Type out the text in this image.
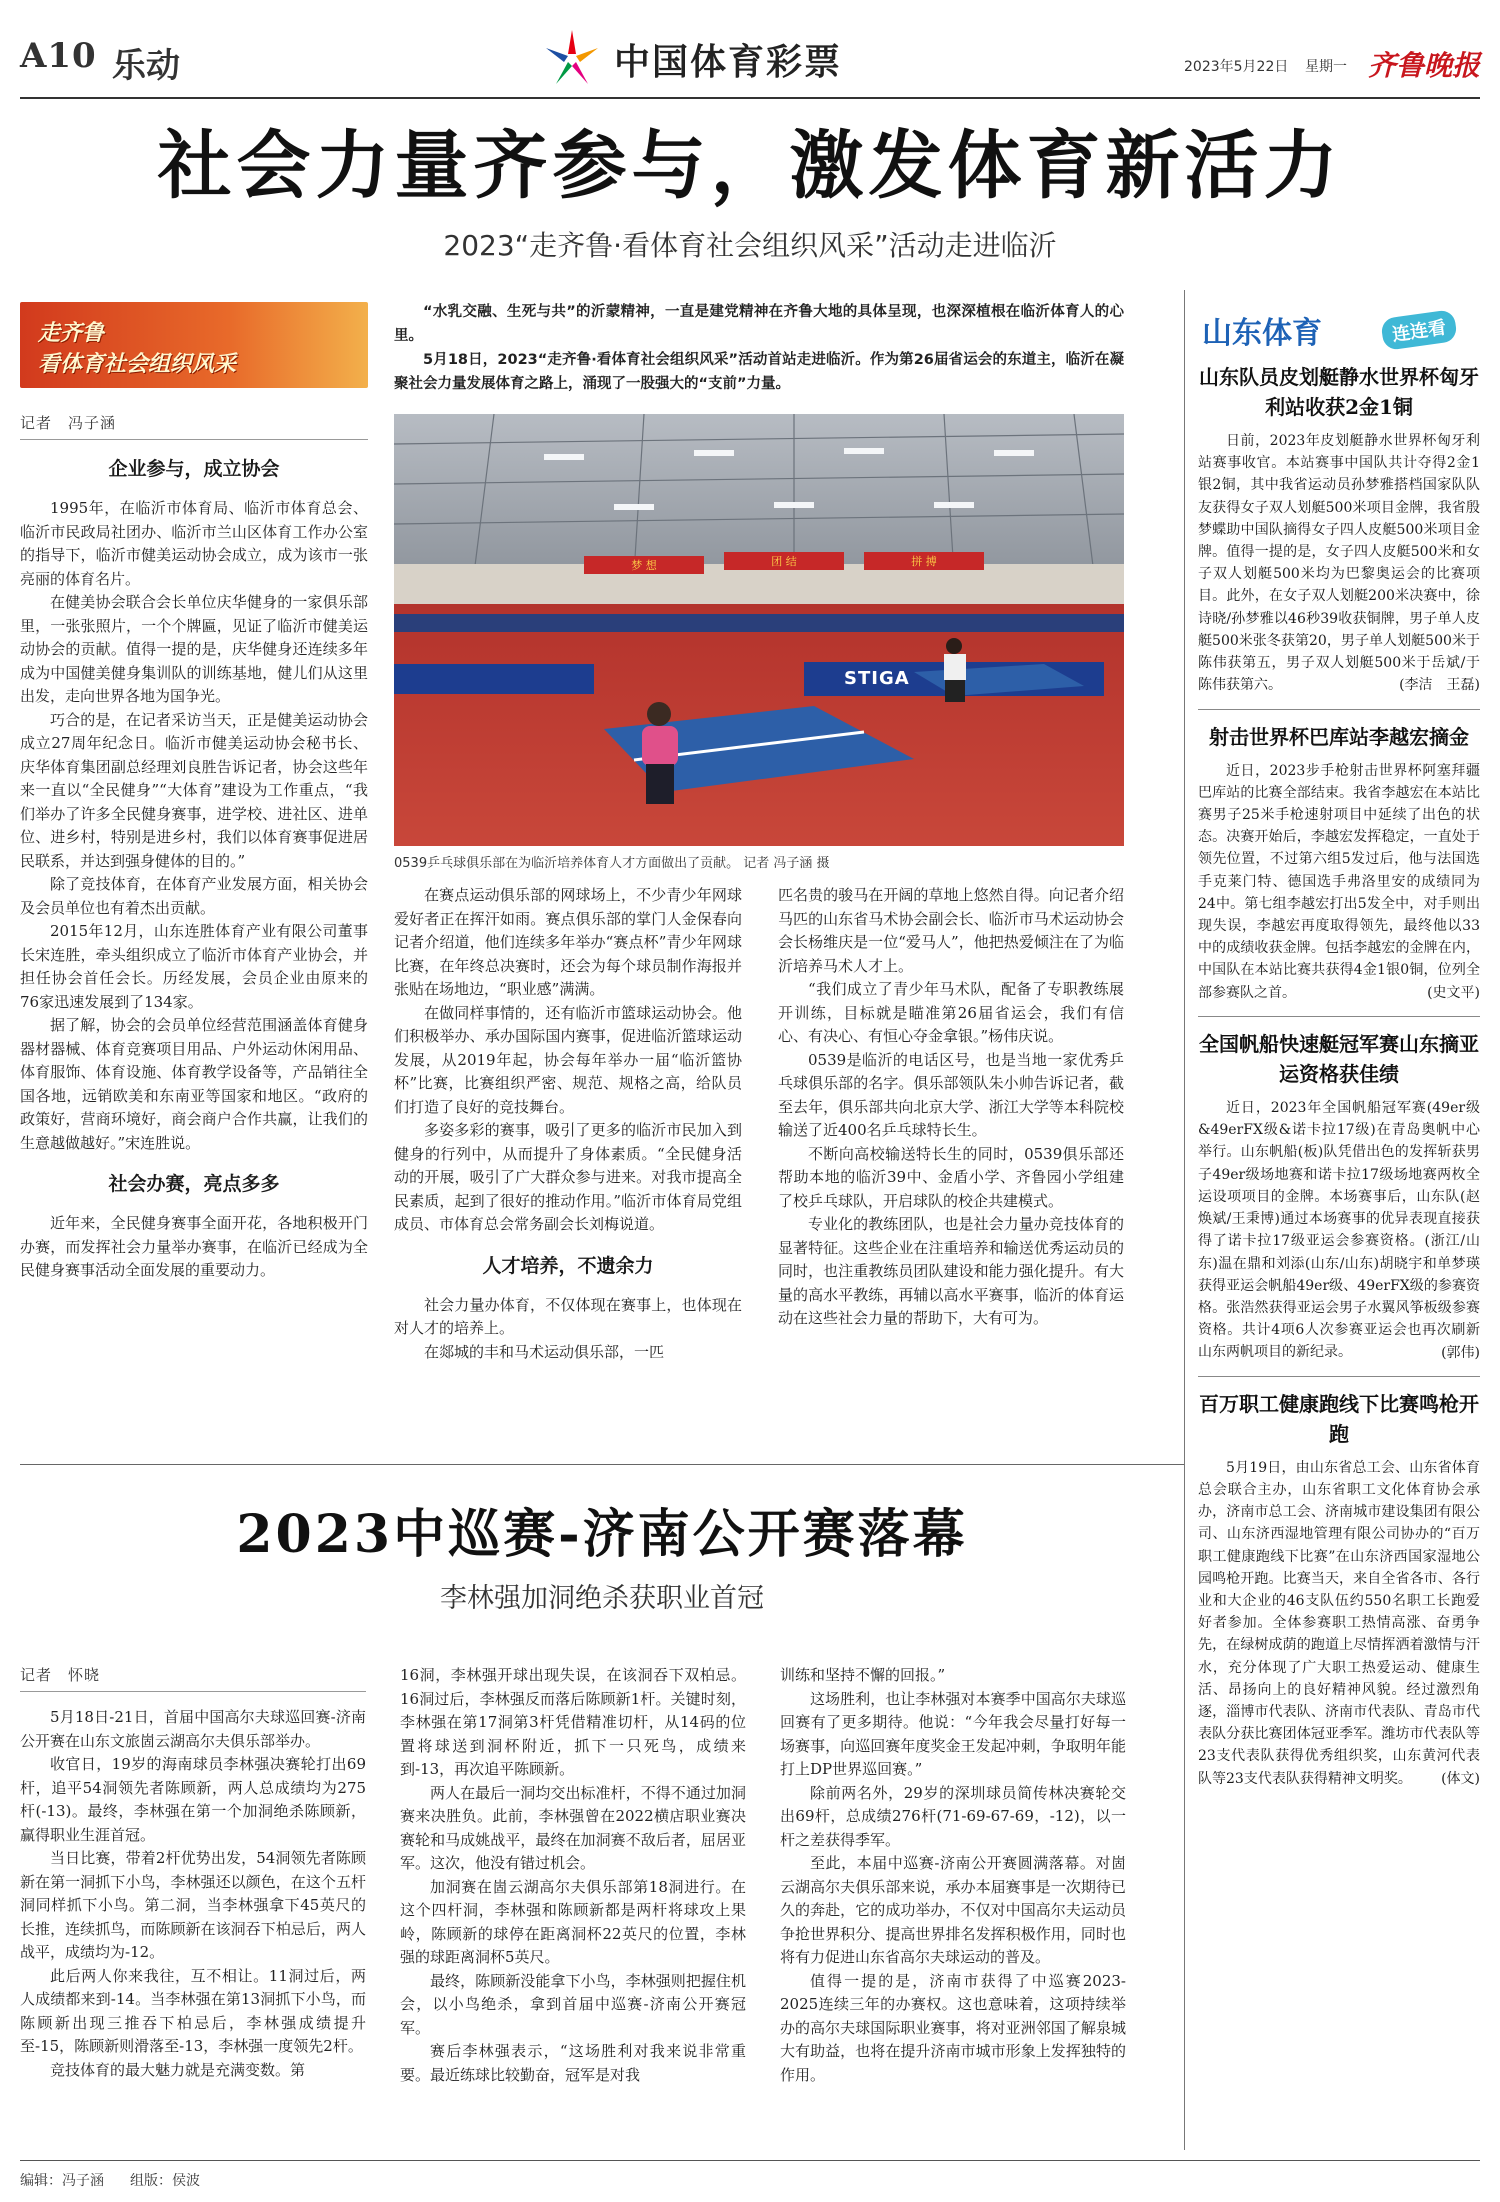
A10 乐动	中国体育彩票	2023年5月22日 星期一 齐鲁晚报
社会力量齐参与，激发体育新活力
2023“走齐鲁·看体育社会组织风采”活动走进临沂
走齐鲁
看体育社会组织风采
记者　冯子涵
企业参与，成立协会

1995年，在临沂市体育局、临沂市体育总会、临沂市民政局社团办、临沂市兰山区体育工作办公室的指导下，临沂市健美运动协会成立，成为该市一张亮丽的体育名片。

在健美协会联合会长单位庆华健身的一家俱乐部里，一张张照片，一个个牌匾，见证了临沂市健美运动协会的贡献。值得一提的是，庆华健身还连续多年成为中国健美健身集训队的训练基地，健儿们从这里出发，走向世界各地为国争光。

巧合的是，在记者采访当天，正是健美运动协会成立27周年纪念日。临沂市健美运动协会秘书长、庆华体育集团副总经理刘良胜告诉记者，协会这些年来一直以“全民健身”“大体育”建设为工作重点，“我们举办了许多全民健身赛事，进学校、进社区、进单位、进乡村，特别是进乡村，我们以体育赛事促进居民联系，并达到强身健体的目的。”

除了竞技体育，在体育产业发展方面，相关协会及会员单位也有着杰出贡献。

2015年12月，山东连胜体育产业有限公司董事长宋连胜，牵头组织成立了临沂市体育产业协会，并担任协会首任会长。历经发展，会员企业由原来的76家迅速发展到了134家。

据了解，协会的会员单位经营范围涵盖体育健身器材器械、体育竞赛项目用品、户外运动休闲用品、体育服饰、体育设施、体育教学设备等，产品销往全国各地，远销欧美和东南亚等国家和地区。“政府的政策好，营商环境好，商会商户合作共赢，让我们的生意越做越好。”宋连胜说。

社会办赛，亮点多多

近年来，全民健身赛事全面开花，各地积极开门办赛，而发挥社会力量举办赛事，在临沂已经成为全民健身赛事活动全面发展的重要动力。

“水乳交融、生死与共”的沂蒙精神，一直是建党精神在齐鲁大地的具体呈现，也深深植根在临沂体育人的心里。

5月18日，2023“走齐鲁·看体育社会组织风采”活动首站走进临沂。作为第26届省运会的东道主，临沂在凝聚社会力量发展体育之路上，涌现了一股强大的“支前”力量。

梦 想	团 结	拼 搏
STIGA
0539乒乓球俱乐部在为临沂培养体育人才方面做出了贡献。 记者 冯子涵 摄

在赛点运动俱乐部的网球场上，不少青少年网球爱好者正在挥汗如雨。赛点俱乐部的掌门人金保春向记者介绍道，他们连续多年举办“赛点杯”青少年网球比赛，在年终总决赛时，还会为每个球员制作海报并张贴在场地边，“职业感”满满。

在做同样事情的，还有临沂市篮球运动协会。他们积极举办、承办国际国内赛事，促进临沂篮球运动发展，从2019年起，协会每年举办一届“临沂篮协杯”比赛，比赛组织严密、规范、规格之高，给队员们打造了良好的竞技舞台。

多姿多彩的赛事，吸引了更多的临沂市民加入到健身的行列中，从而提升了身体素质。“全民健身活动的开展，吸引了广大群众参与进来。对我市提高全民素质，起到了很好的推动作用。”临沂市体育局党组成员、市体育总会常务副会长刘梅说道。

人才培养，不遗余力

社会力量办体育，不仅体现在赛事上，也体现在对人才的培养上。

在郯城的丰和马术运动俱乐部，一匹

匹名贵的骏马在开阔的草地上悠然自得。向记者介绍马匹的山东省马术协会副会长、临沂市马术运动协会会长杨维庆是一位“爱马人”，他把热爱倾注在了为临沂培养马术人才上。

“我们成立了青少年马术队，配备了专职教练展开训练，目标就是瞄准第26届省运会，我们有信心、有决心、有恒心夺金拿银。”杨伟庆说。

0539是临沂的电话区号，也是当地一家优秀乒乓球俱乐部的名字。俱乐部领队朱小帅告诉记者，截至去年，俱乐部共向北京大学、浙江大学等本科院校输送了近400名乒乓球特长生。

不断向高校输送特长生的同时，0539俱乐部还帮助本地的临沂39中、金盾小学、齐鲁园小学组建了校乒乓球队，开启球队的校企共建模式。

专业化的教练团队，也是社会力量办竞技体育的显著特征。这些企业在注重培养和输送优秀运动员的同时，也注重教练员团队建设和能力强化提升。有大量的高水平教练，再辅以高水平赛事，临沂的体育运动在这些社会力量的帮助下，大有可为。

山东体育	连连看
山东队员皮划艇静水世界杯匈牙利站收获2金1铜

日前，2023年皮划艇静水世界杯匈牙利站赛事收官。本站赛事中国队共计夺得2金1银2铜，其中我省运动员孙梦雅搭档国家队队友获得女子双人划艇500米项目金牌，我省殷梦蝶助中国队摘得女子四人皮艇500米项目金牌。值得一提的是，女子四人皮艇500米和女子双人划艇500米均为巴黎奥运会的比赛项目。此外，在女子双人划艇200米决赛中，徐诗晓/孙梦雅以46秒39收获铜牌，男子单人皮艇500米张冬获第20，男子单人划艇500米于陈伟获第五，男子双人划艇500米于岳斌/于陈伟获第六。	(李洁　王磊)

射击世界杯巴库站李越宏摘金

近日，2023步手枪射击世界杯阿塞拜疆巴库站的比赛全部结束。我省李越宏在本站比赛男子25米手枪速射项目中延续了出色的状态。决赛开始后，李越宏发挥稳定，一直处于领先位置，不过第六组5发过后，他与法国选手克莱门特、德国选手弗洛里安的成绩同为24中。第七组李越宏打出5发全中，对手则出现失误，李越宏再度取得领先，最终他以33中的成绩收获金牌。包括李越宏的金牌在内，中国队在本站比赛共获得4金1银0铜，位列全部参赛队之首。	(史文平)

全国帆船快速艇冠军赛山东摘亚运资格获佳绩

近日，2023年全国帆船冠军赛(49er级&49erFX级&诺卡拉17级)在青岛奥帆中心举行。山东帆船(板)队凭借出色的发挥斩获男子49er级场地赛和诺卡拉17级场地赛两枚全运设项项目的金牌。本场赛事后，山东队(赵焕斌/王秉博)通过本场赛事的优异表现直接获得了诺卡拉17级亚运会参赛资格。(浙江/山东)温在鼎和刘添(山东/山东)胡晓宇和单梦瑛获得亚运会帆船49er级、49erFX级的参赛资格。张浩然获得亚运会男子水翼风筝板级参赛资格。共计4项6人次参赛亚运会也再次刷新山东两帆项目的新纪录。	(郭伟)

百万职工健康跑线下比赛鸣枪开跑

5月19日，由山东省总工会、山东省体育总会联合主办，山东省职工文化体育协会承办，济南市总工会、济南城市建设集团有限公司、山东济西湿地管理有限公司协办的“百万职工健康跑线下比赛”在山东济西国家湿地公园鸣枪开跑。比赛当天，来自全省各市、各行业和大企业的46支队伍约550名职工长跑爱好者参加。全体参赛职工热情高涨、奋勇争先，在绿树成荫的跑道上尽情挥洒着激情与汗水，充分体现了广大职工热爱运动、健康生活、昂扬向上的良好精神风貌。经过激烈角逐，淄博市代表队、济南市代表队、青岛市代表队分获比赛团体冠亚季军。潍坊市代表队等23支代表队获得优秀组织奖，山东黄河代表队等23支代表队获得精神文明奖。	(体文)

2023中巡赛-济南公开赛落幕
李林强加洞绝杀获职业首冠
记者　怀晓

5月18日-21日，首届中国高尔夫球巡回赛-济南公开赛在山东文旅崮云湖高尔夫俱乐部举办。

收官日，19岁的海南球员李林强决赛轮打出69杆，追平54洞领先者陈顾新，两人总成绩均为275杆(-13)。最终，李林强在第一个加洞绝杀陈顾新，赢得职业生涯首冠。

当日比赛，带着2杆优势出发，54洞领先者陈顾新在第一洞抓下小鸟，李林强还以颜色，在这个五杆洞同样抓下小鸟。第二洞，当李林强拿下45英尺的长推，连续抓鸟，而陈顾新在该洞吞下柏忌后，两人战平，成绩均为-12。

此后两人你来我往，互不相让。11洞过后，两人成绩都来到-14。当李林强在第13洞抓下小鸟，而陈顾新出现三推吞下柏忌后，李林强成绩提升至-15，陈顾新则滑落至-13，李林强一度领先2杆。

竞技体育的最大魅力就是充满变数。第

16洞，李林强开球出现失误，在该洞吞下双柏忌。16洞过后，李林强反而落后陈顾新1杆。关键时刻，李林强在第17洞第3杆凭借精准切杆，从14码的位置将球送到洞杯附近，抓下一只死鸟，成绩来到-13，再次追平陈顾新。

两人在最后一洞均交出标准杆，不得不通过加洞赛来决胜负。此前，李林强曾在2022横店职业赛决赛轮和马成姚战平，最终在加洞赛不敌后者，屈居亚军。这次，他没有错过机会。

加洞赛在崮云湖高尔夫俱乐部第18洞进行。在这个四杆洞，李林强和陈顾新都是两杆将球攻上果岭，陈顾新的球停在距离洞杯22英尺的位置，李林强的球距离洞杯5英尺。

最终，陈顾新没能拿下小鸟，李林强则把握住机会，以小鸟绝杀，拿到首届中巡赛-济南公开赛冠军。

赛后李林强表示，“这场胜利对我来说非常重要。最近练球比较勤奋，冠军是对我

训练和坚持不懈的回报。”

这场胜利，也让李林强对本赛季中国高尔夫球巡回赛有了更多期待。他说：“今年我会尽量打好每一场赛事，向巡回赛年度奖金王发起冲刺，争取明年能打上DP世界巡回赛。”

除前两名外，29岁的深圳球员简传林决赛轮交出69杆，总成绩276杆(71-69-67-69，-12)，以一杆之差获得季军。

至此，本届中巡赛-济南公开赛圆满落幕。对崮云湖高尔夫俱乐部来说，承办本届赛事是一次期待已久的奔赴，它的成功举办，不仅对中国高尔夫运动员争抢世界积分、提高世界排名发挥积极作用，同时也将有力促进山东省高尔夫球运动的普及。

值得一提的是，济南市获得了中巡赛2023-2025连续三年的办赛权。这也意味着，这项持续举办的高尔夫球国际职业赛事，将对亚洲邻国了解泉城大有助益，也将在提升济南市城市形象上发挥独特的作用。

编辑：冯子涵 组版：侯波
